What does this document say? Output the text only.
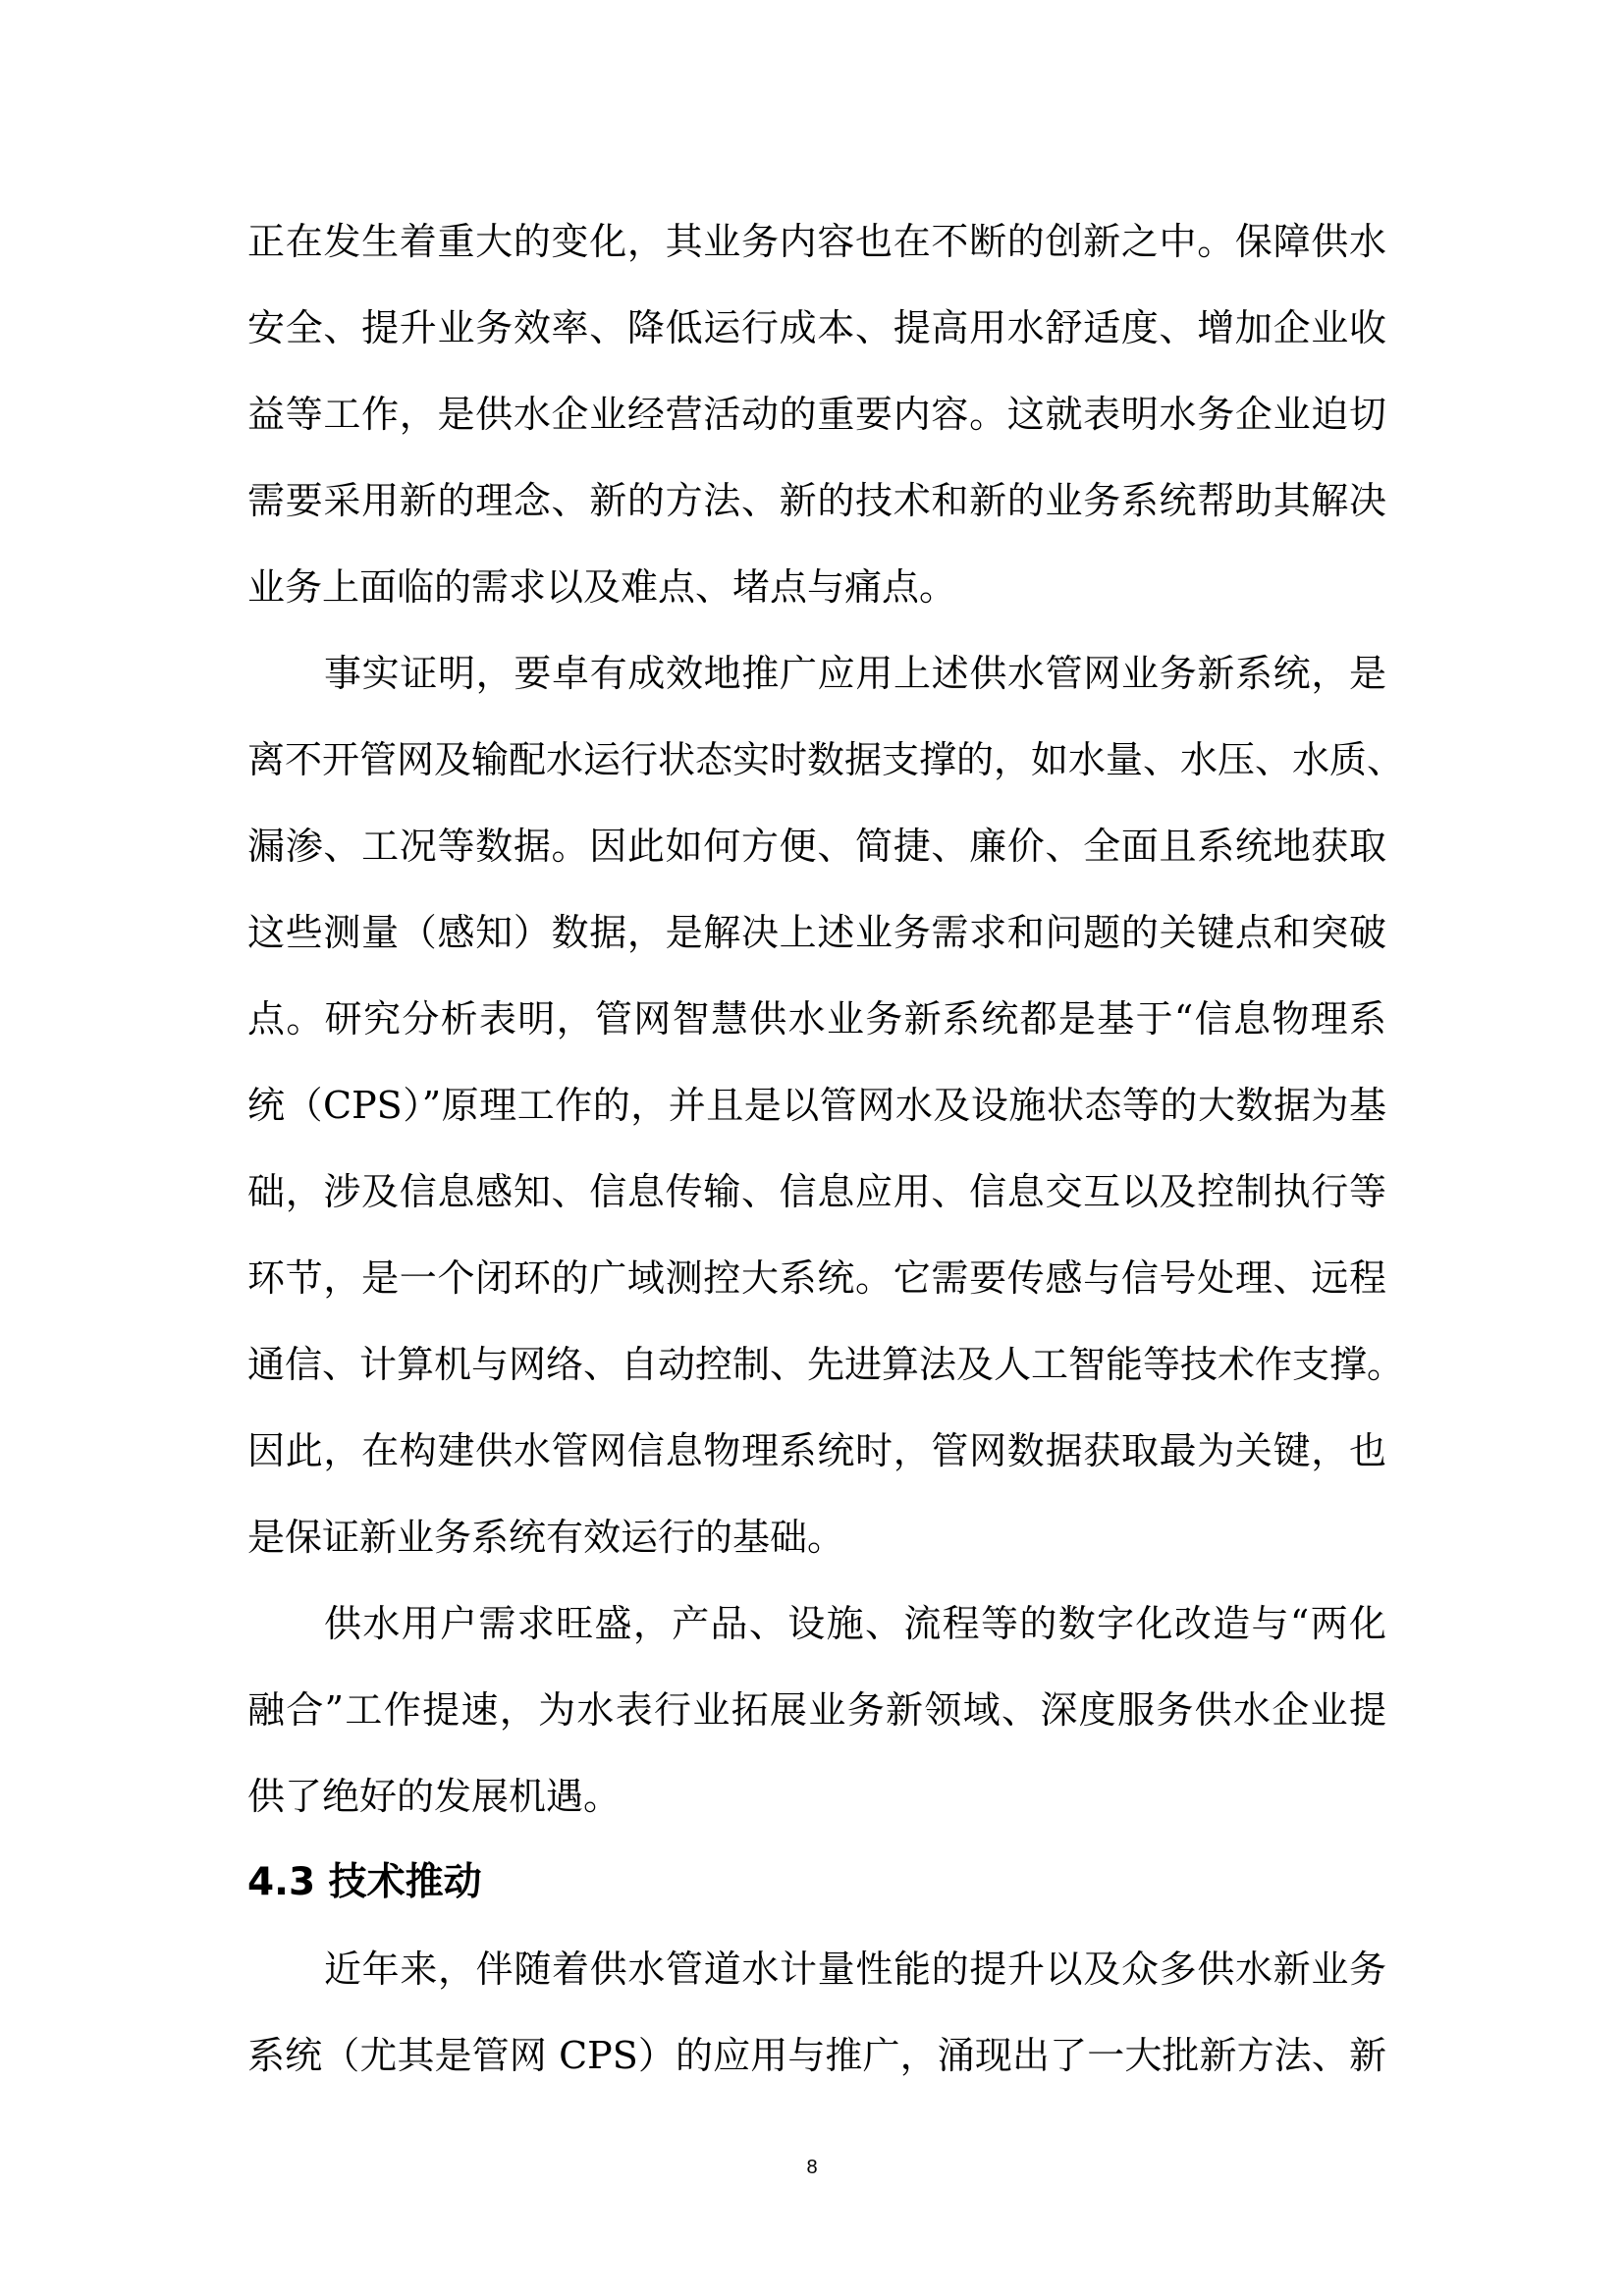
正在发生着重大的变化，其业务内容也在不断的创新之中。保障供水
安全、提升业务效率、降低运行成本、提高用水舒适度、增加企业收
益等工作，是供水企业经营活动的重要内容。这就表明水务企业迫切
需要采用新的理念、新的方法、新的技术和新的业务系统帮助其解决
业务上面临的需求以及难点、堵点与痛点。
事实证明，要卓有成效地推广应用上述供水管网业务新系统，是
离不开管网及输配水运行状态实时数据支撑的，如水量、水压、水质、
漏渗、工况等数据。因此如何方便、简捷、廉价、全面且系统地获取
这些测量（感知）数据，是解决上述业务需求和问题的关键点和突破
点。研究分析表明，管网智慧供水业务新系统都是基于“信息物理系
统（CPS）”原理工作的，并且是以管网水及设施状态等的大数据为基
础，涉及信息感知、信息传输、信息应用、信息交互以及控制执行等
环节，是一个闭环的广域测控大系统。它需要传感与信号处理、远程
通信、计算机与网络、自动控制、先进算法及人工智能等技术作支撑。
因此，在构建供水管网信息物理系统时，管网数据获取最为关键，也
是保证新业务系统有效运行的基础。
供水用户需求旺盛，产品、设施、流程等的数字化改造与“两化
融合”工作提速，为水表行业拓展业务新领域、深度服务供水企业提
供了绝好的发展机遇。
4.3 技术推动
近年来，伴随着供水管道水计量性能的提升以及众多供水新业务
系统（尤其是管网 CPS）的应用与推广，涌现出了一大批新方法、新
8
